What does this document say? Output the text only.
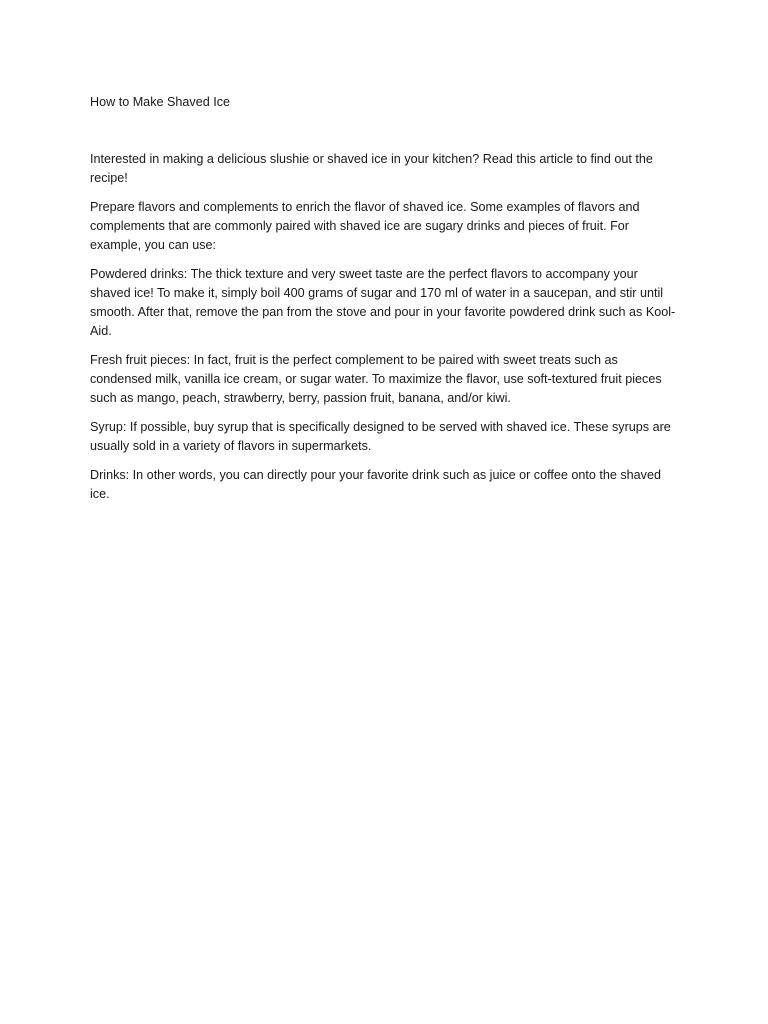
How to Make Shaved Ice

Interested in making a delicious slushie or shaved ice in your kitchen? Read this article to find out the recipe!

Prepare flavors and complements to enrich the flavor of shaved ice. Some examples of flavors and complements that are commonly paired with shaved ice are sugary drinks and pieces of fruit. For example, you can use:

Powdered drinks: The thick texture and very sweet taste are the perfect flavors to accompany your shaved ice! To make it, simply boil 400 grams of sugar and 170 ml of water in a saucepan, and stir until smooth. After that, remove the pan from the stove and pour in your favorite powdered drink such as Kool-Aid.

Fresh fruit pieces: In fact, fruit is the perfect complement to be paired with sweet treats such as condensed milk, vanilla ice cream, or sugar water. To maximize the flavor, use soft-textured fruit pieces such as mango, peach, strawberry, berry, passion fruit, banana, and/or kiwi.

Syrup: If possible, buy syrup that is specifically designed to be served with shaved ice. These syrups are usually sold in a variety of flavors in supermarkets.

Drinks: In other words, you can directly pour your favorite drink such as juice or coffee onto the shaved ice.
